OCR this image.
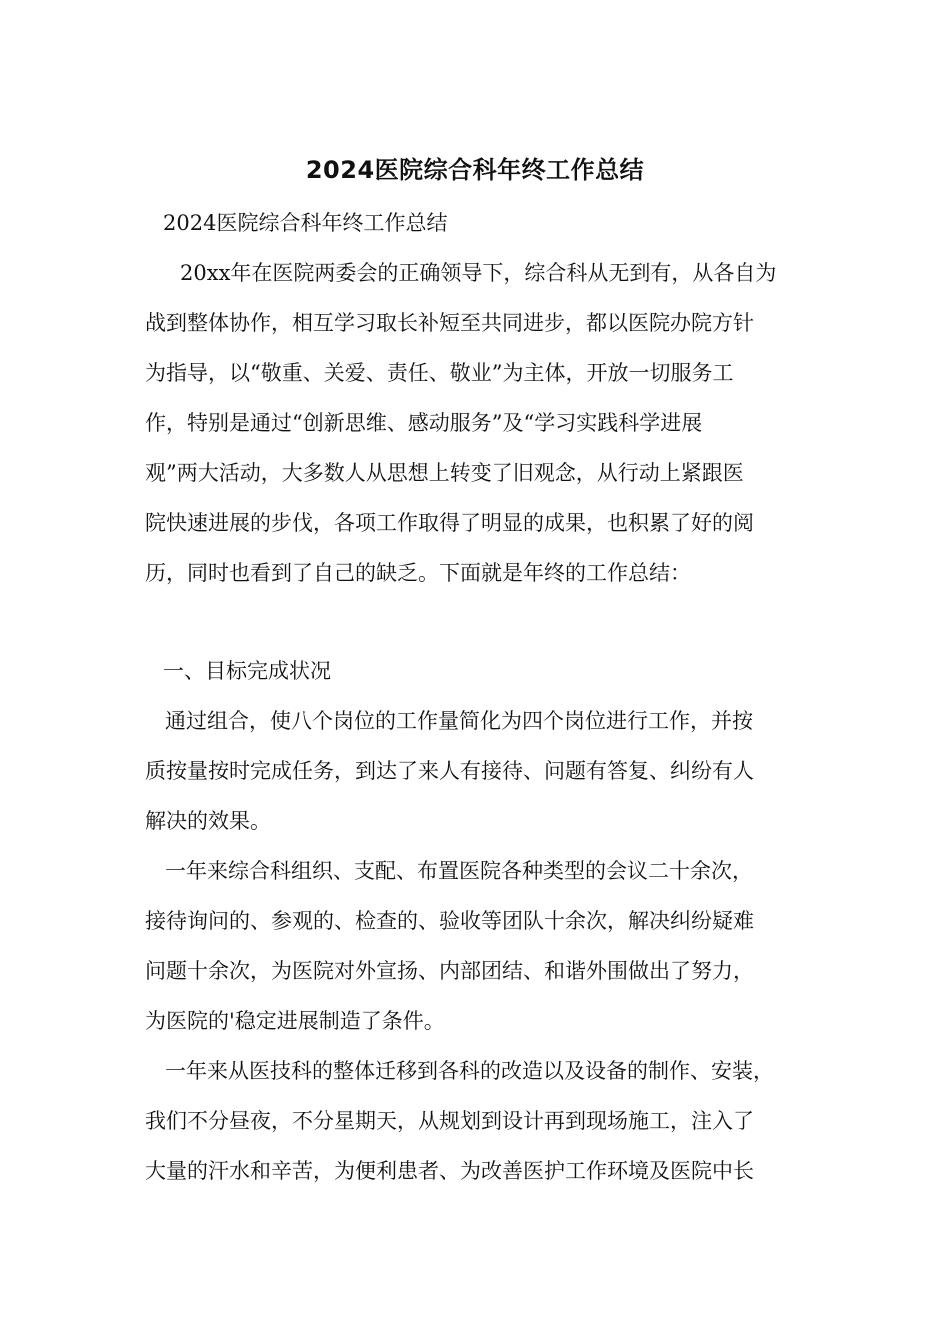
2024医院综合科年终工作总结
2024医院综合科年终工作总结
20xx年在医院两委会的正确领导下，综合科从无到有，从各自为
战到整体协作，相互学习取长补短至共同进步，都以医院办院方针
为指导，以“敬重、关爱、责任、敬业”为主体，开放一切服务工
作，特别是通过“创新思维、感动服务”及“学习实践科学进展
观”两大活动，大多数人从思想上转变了旧观念，从行动上紧跟医
院快速进展的步伐，各项工作取得了明显的成果，也积累了好的阅
历，同时也看到了自己的缺乏。下面就是年终的工作总结：
一、目标完成状况
通过组合，使八个岗位的工作量简化为四个岗位进行工作，并按
质按量按时完成任务，到达了来人有接待、问题有答复、纠纷有人
解决的效果。
一年来综合科组织、支配、布置医院各种类型的会议二十余次，
接待询问的、参观的、检查的、验收等团队十余次，解决纠纷疑难
问题十余次，为医院对外宣扬、内部团结、和谐外围做出了努力，
为医院的'稳定进展制造了条件。
一年来从医技科的整体迁移到各科的改造以及设备的制作、安装，
我们不分昼夜，不分星期天，从规划到设计再到现场施工，注入了
大量的汗水和辛苦，为便利患者、为改善医护工作环境及医院中长
